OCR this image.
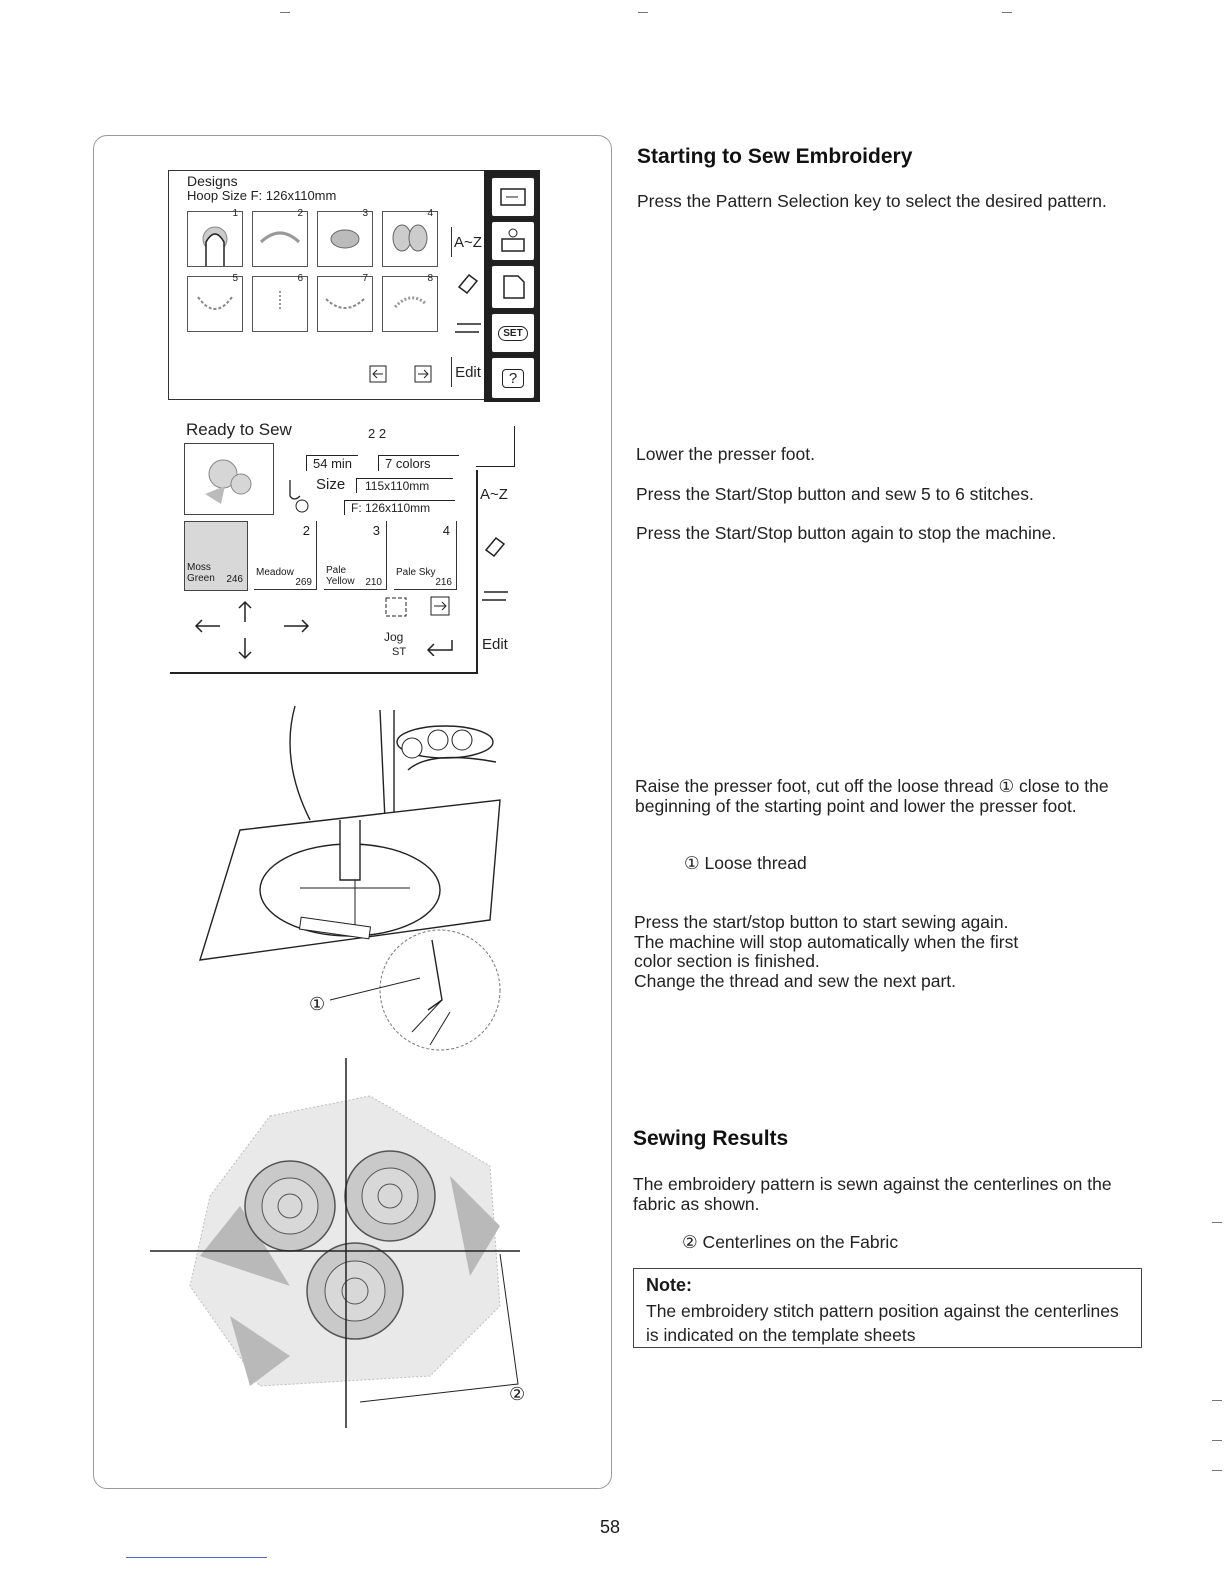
Designs
Hoop Size F: 126x110mm
1	2	3	4
5	6	7	8
A~Z
Edit
SET
?
Ready to Sew	2 2
54 min	7 colors
Size	115x110mm
F: 126x110mm
Moss Green	246
2
Meadow
269
3
Pale Yellow	210
4
Pale Sky
216
Jog
ST
A~Z
Edit
①
②
Starting to Sew Embroidery

Press the Pattern Selection key to select the desired pattern.

Lower the presser foot.

Press the Start/Stop button and sew 5 to 6 stitches.

Press the Start/Stop button again to stop the machine.

Raise the presser foot, cut off the loose thread ① close to the beginning of the starting point and lower the presser foot.

① Loose thread

Press the start/stop button to start sewing again.

The machine will stop automatically when the first

color section is finished.

Change the thread and sew the next part.

Sewing Results

The embroidery pattern is sewn against the centerlines on the fabric as shown.

② Centerlines on the Fabric

Note:

The embroidery stitch pattern position against the centerlines is indicated on the template sheets

58
